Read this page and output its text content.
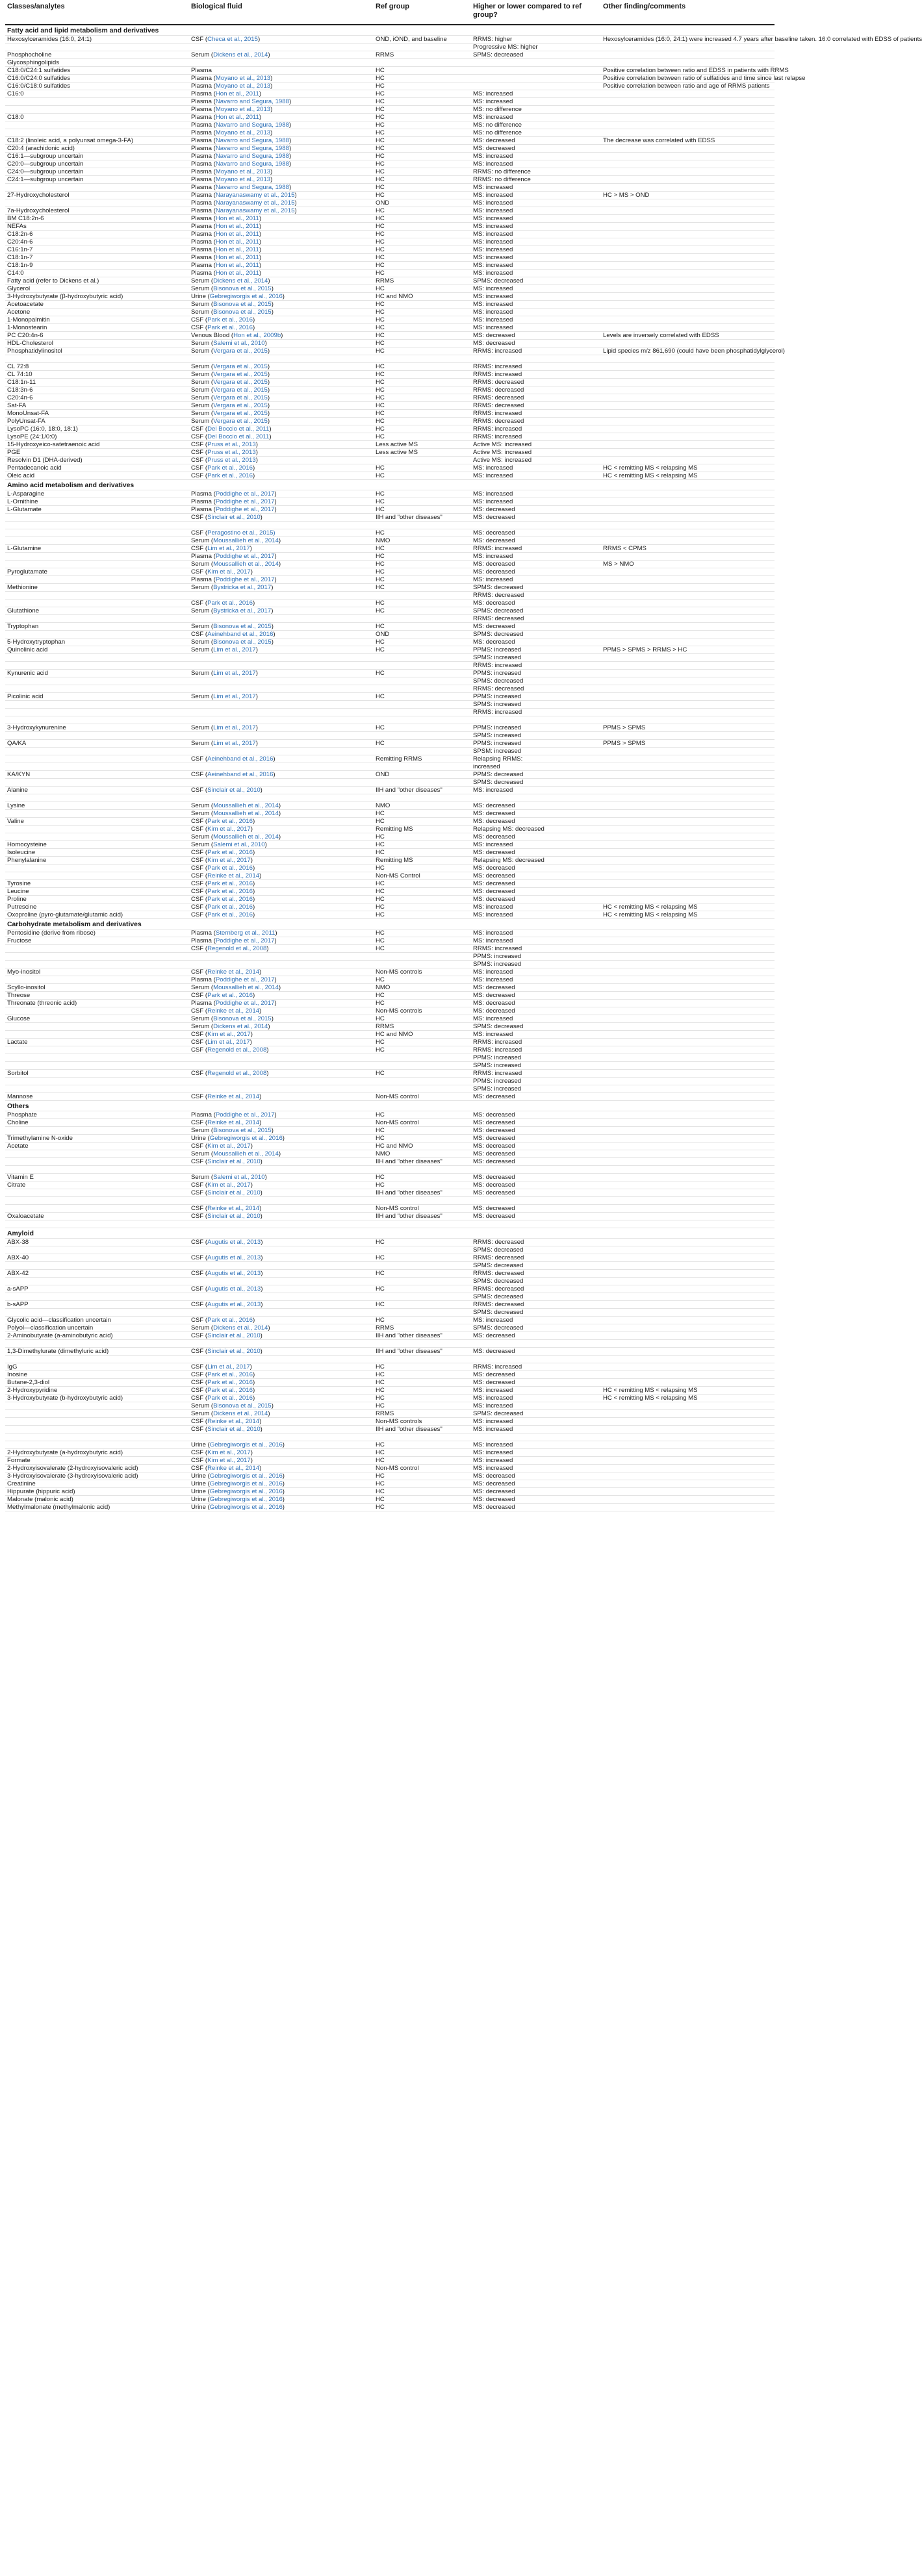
Classes/analytes	Biological fluid	Ref group	Higher or lower compared to ref group?	Other finding/comments
Fatty acid and lipid metabolism and derivatives				
Hexosylceramides (16:0, 24:1)	CSF (Checa et al., 2015)	OND, iOND, and baseline	RRMS: higher	Hexosylceramides (16:0, 24:1) were increased 4.7 years after baseline taken. 16:0 correlated with EDSS of patients
			Progressive MS: higher	
Phosphocholine	Serum (Dickens et al., 2014)	RRMS	SPMS: decreased	
Glycosphingolipids				
C18:0/C24:1 sulfatides	Plasma	HC		Positive correlation between ratio and EDSS in patients with RRMS
C16:0/C24:0 sulfatides	Plasma (Moyano et al., 2013)	HC		Positive correlation between ratio of sulfatides and time since last relapse
C16:0/C18:0 sulfatides	Plasma (Moyano et al., 2013)	HC		Positive correlation between ratio and age of RRMS patients
C16:0	Plasma (Hon et al., 2011)	HC	MS: increased	
	Plasma (Navarro and Segura, 1988)	HC	MS: increased	
	Plasma (Moyano et al., 2013)	HC	MS: no difference	
C18:0	Plasma (Hon et al., 2011)	HC	MS: increased	
	Plasma (Navarro and Segura, 1988)	HC	MS: no difference	
	Plasma (Moyano et al., 2013)	HC	MS: no difference	
C18:2 (linoleic acid, a polyunsat omega-3-FA)	Plasma (Navarro and Segura, 1988)	HC	MS: decreased	The decrease was correlated with EDSS
C20:4 (arachidonic acid)	Plasma (Navarro and Segura, 1988)	HC	MS: decreased	
C16:1—subgroup uncertain	Plasma (Navarro and Segura, 1988)	HC	MS: increased	
C20:0—subgroup uncertain	Plasma (Navarro and Segura, 1988)	HC	MS: increased	
C24:0—subgroup uncertain	Plasma (Moyano et al., 2013)	HC	RRMS: no difference	
C24:1—subgroup uncertain	Plasma (Moyano et al., 2013)	HC	RRMS: no difference	
	Plasma (Navarro and Segura, 1988)	HC	MS: increased	
27-Hydroxycholesterol	Plasma (Narayanaswamy et al., 2015)	HC	MS: increased	HC > MS > OND
	Plasma (Narayanaswamy et al., 2015)	OND	MS: increased	
7a-Hydroxycholesterol	Plasma (Narayanaswamy et al., 2015)	HC	MS: increased	
BM C18:2n-6	Plasma (Hon et al., 2011)	HC	MS: increased	
NEFAs	Plasma (Hon et al., 2011)	HC	MS: increased	
C18:2n-6	Plasma (Hon et al., 2011)	HC	MS: increased	
C20:4n-6	Plasma (Hon et al., 2011)	HC	MS: increased	
C16:1n-7	Plasma (Hon et al., 2011)	HC	MS: increased	
C18:1n-7	Plasma (Hon et al., 2011)	HC	MS: increased	
C18:1n-9	Plasma (Hon et al., 2011)	HC	MS: increased	
C14:0	Plasma (Hon et al., 2011)	HC	MS: increased	
Fatty acid (refer to Dickens et al.)	Serum (Dickens et al., 2014)	RRMS	SPMS: decreased	
Glycerol	Serum (Bisonova et al., 2015)	HC	MS: increased	
3-Hydroxybutyrate (β-hydroxybutyric acid)	Urine (Gebregiworgis et al., 2016)	HC and NMO	MS: increased	
Acetoacetate	Serum (Bisonova et al., 2015)	HC	MS: increased	
Acetone	Serum (Bisonova et al., 2015)	HC	MS: increased	
1-Monopalmitin	CSF (Park et al., 2016)	HC	MS: increased	
1-Monostearin	CSF (Park et al., 2016)	HC	MS: increased	
PC C20:4n-6	Venous Blood (Hon et al., 2009b)	HC	MS: decreased	Levels are inversely correlated with EDSS
HDL-Cholesterol	Serum (Salemi et al., 2010)	HC	MS: decreased	
Phosphatidylinositol	Serum (Vergara et al., 2015)	HC	RRMS: increased	Lipid species m/z 861,690 (could have been phosphatidylglycerol)

CL 72:8	Serum (Vergara et al., 2015)	HC	RRMS: increased	
CL 74:10	Serum (Vergara et al., 2015)	HC	RRMS: increased	
C18:1n-11	Serum (Vergara et al., 2015)	HC	RRMS: decreased	
C18:3n-6	Serum (Vergara et al., 2015)	HC	RRMS: decreased	
C20:4n-6	Serum (Vergara et al., 2015)	HC	RRMS: decreased	
Sat-FA	Serum (Vergara et al., 2015)	HC	RRMS: decreased	
MonoUnsat-FA	Serum (Vergara et al., 2015)	HC	RRMS: increased	
PolyUnsat-FA	Serum (Vergara et al., 2015)	HC	RRMS: decreased	
LysoPC (16:0, 18:0, 18:1)	CSF (Del Boccio et al., 2011)	HC	RRMS: increased	
LysoPE (24:1/0:0)	CSF (Del Boccio et al., 2011)	HC	RRMS: increased	
15-Hydroxyeico-satetraenoic acid	CSF (Pruss et al., 2013)	Less active MS	Active MS: increased	
PGE	CSF (Pruss et al., 2013)	Less active MS	Active MS: increased	
Resolvin D1 (DHA-derived)	CSF (Pruss et al., 2013)		Active MS: increased	
Pentadecanoic acid	CSF (Park et al., 2016)	HC	MS: increased	HC < remitting MS < relapsing MS
Oleic acid	CSF (Park et al., 2016)	HC	MS: increased	HC < remitting MS < relapsing MS
Amino acid metabolism and derivatives				
L-Asparagine	Plasma (Poddighe et al., 2017)	HC	MS: increased	
L-Ornithine	Plasma (Poddighe et al., 2017)	HC	MS: increased	
L-Glutamate	Plasma (Poddighe et al., 2017)	HC	MS: decreased	
	CSF (Sinclair et al., 2010)	IIH and "other diseases"	MS: decreased	

	CSF (Peragostino et al., 2015)	HC	MS: decreased	
	Serum (Moussallieh et al., 2014)	NMO	MS: decreased	
L-Glutamine	CSF (Lim et al., 2017)	HC	RRMS: increased	RRMS < CPMS
	Plasma (Poddighe et al., 2017)	HC	MS: increased	
	Serum (Moussallieh et al., 2014)	HC	MS: decreased	MS > NMO
Pyroglutamate	CSF (Kim et al., 2017)	HC	MS: decreased	
	Plasma (Poddighe et al., 2017)	HC	MS: increased	
Methionine	Serum (Bystricka et al., 2017)	HC	SPMS: decreased	
			RRMS: decreased	
	CSF (Park et al., 2016)	HC	MS: decreased	
Glutathione	Serum (Bystricka et al., 2017)	HC	SPMS: decreased	
			RRMS: decreased	
Tryptophan	Serum (Bisonova et al., 2015)	HC	MS: decreased	
	CSF (Aeinehband et al., 2016)	OND	SPMS: decreased	
5-Hydroxytryptophan	Serum (Bisonova et al., 2015)	HC	MS: decreased	
Quinolinic acid	Serum (Lim et al., 2017)	HC	PPMS: increased	PPMS > SPMS > RRMS > HC
			SPMS: increased	
			RRMS: increased	
Kynurenic acid	Serum (Lim et al., 2017)	HC	PPMS: increased	
			SPMS: decreased	
			RRMS: decreased	
Picolinic acid	Serum (Lim et al., 2017)	HC	PPMS: increased	
			SPMS: increased	
			RRMS: increased	

3-Hydroxykynurenine	Serum (Lim et al., 2017)	HC	PPMS: increased	PPMS > SPMS
			SPMS: increased	
QA/KA	Serum (Lim et al., 2017)	HC	PPMS: increased	PPMS > SPMS
			SPSM: increased	
	CSF (Aeinehband et al., 2016)	Remitting RRMS	Relapsing RRMS:	
			increased	
KA/KYN	CSF (Aeinehband et al., 2016)	OND	PPMS: decreased	
			SPMS: decreased	
Alanine	CSF (Sinclair et al., 2010)	IIH and "other diseases"	MS: increased	

Lysine	Serum (Moussallieh et al., 2014)	NMO	MS: decreased	
	Serum (Moussallieh et al., 2014)	HC	MS: decreased	
Valine	CSF (Park et al., 2016)	HC	MS: decreased	
	CSF (Kim et al., 2017)	Remitting MS	Relapsing MS: decreased	
	Serum (Moussallieh et al., 2014)	HC	MS: decreased	
Homocysteine	Serum (Salemi et al., 2010)	HC	MS: increased	
Isoleucine	CSF (Park et al., 2016)	HC	MS: decreased	
Phenylalanine	CSF (Kim et al., 2017)	Remitting MS	Relapsing MS: decreased	
	CSF (Park et al., 2016)	HC	MS: decreased	
	CSF (Reinke et al., 2014)	Non-MS Control	MS: decreased	
Tyrosine	CSF (Park et al., 2016)	HC	MS: decreased	
Leucine	CSF (Park et al., 2016)	HC	MS: decreased	
Proline	CSF (Park et al., 2016)	HC	MS: decreased	
Putrescine	CSF (Park et al., 2016)	HC	MS: increased	HC < remitting MS < relapsing MS
Oxoproline (pyro-glutamate/glutamic acid)	CSF (Park et al., 2016)	HC	MS: increased	HC < remitting MS < relapsing MS
Carbohydrate metabolism and derivatives				
Pentosidine (derive from ribose)	Plasma (Sternberg et al., 2011)	HC	MS: increased	
Fructose	Plasma (Poddighe et al., 2017)	HC	MS: increased	
	CSF (Regenold et al., 2008)	HC	RRMS: increased	
			PPMS: increased	
			SPMS: increased	
Myo-inositol	CSF (Reinke et al., 2014)	Non-MS controls	MS: increased	
	Plasma (Poddighe et al., 2017)	HC	MS: increased	
Scyllo-inositol	Serum (Moussallieh et al., 2014)	NMO	MS: decreased	
Threose	CSF (Park et al., 2016)	HC	MS: decreased	
Threonate (threonic acid)	Plasma (Poddighe et al., 2017)	HC	MS: decreased	
	CSF (Reinke et al., 2014)	Non-MS controls	MS: decreased	
Glucose	Serum (Bisonova et al., 2015)	HC	MS: increased	
	Serum (Dickens et al., 2014)	RRMS	SPMS: decreased	
	CSF (Kim et al., 2017)	HC and NMO	MS: increased	
Lactate	CSF (Lim et al., 2017)	HC	RRMS: increased	
	CSF (Regenold et al., 2008)	HC	RRMS: increased	
			PPMS: increased	
			SPMS: increased	
Sorbitol	CSF (Regenold et al., 2008)	HC	RRMS: increased	
			PPMS: increased	
			SPMS: increased	
Mannose	CSF (Reinke et al., 2014)	Non-MS control	MS: decreased	
Others				
Phosphate	Plasma (Poddighe et al., 2017)	HC	MS: decreased	
Choline	CSF (Reinke et al., 2014)	Non-MS control	MS: decreased	
	Serum (Bisonova et al., 2015)	HC	MS: decreased	
Trimethylamine N-oxide	Urine (Gebregiworgis et al., 2016)	HC	MS: decreased	
Acetate	CSF (Kim et al., 2017)	HC and NMO	MS: decreased	
	Serum (Moussallieh et al., 2014)	NMO	MS: decreased	
	CSF (Sinclair et al., 2010)	IIH and "other diseases"	MS: decreased	

Vitamin E	Serum (Salemi et al., 2010)	HC	MS: decreased	
Citrate	CSF (Kim et al., 2017)	HC	MS: decreased	
	CSF (Sinclair et al., 2010)	IIH and "other diseases"	MS: decreased	

	CSF (Reinke et al., 2014)	Non-MS control	MS: decreased	
Oxaloacetate	CSF (Sinclair et al., 2010)	IIH and "other diseases"	MS: decreased	

Amyloid				
ABX-38	CSF (Augutis et al., 2013)	HC	RRMS: decreased	
			SPMS: decreased	
ABX-40	CSF (Augutis et al., 2013)	HC	RRMS: decreased	
			SPMS: decreased	
ABX-42	CSF (Augutis et al., 2013)	HC	RRMS: decreased	
			SPMS: decreased	
a-sAPP	CSF (Augutis et al., 2013)	HC	RRMS: decreased	
			SPMS: decreased	
b-sAPP	CSF (Augutis et al., 2013)	HC	RRMS: decreased	
			SPMS: decreased	
Glycolic acid—classification uncertain	CSF (Park et al., 2016)	HC	MS: increased	
Polyol—classification uncertain	Serum (Dickens et al., 2014)	RRMS	SPMS: decreased	
2-Aminobutyrate (a-aminobutyric acid)	CSF (Sinclair et al., 2010)	IIH and "other diseases"	MS: decreased	

1,3-Dimethylurate (dimethyluric acid)	CSF (Sinclair et al., 2010)	IIH and "other diseases"	MS: decreased	

IgG	CSF (Lim et al., 2017)	HC	RRMS: increased	
Inosine	CSF (Park et al., 2016)	HC	MS: decreased	
Butane-2,3-diol	CSF (Park et al., 2016)	HC	MS: decreased	
2-Hydroxypyridine	CSF (Park et al., 2016)	HC	MS: increased	HC < remitting MS < relapsing MS
3-Hydroxybutyrate (b-hydroxybutyric acid)	CSF (Park et al., 2016)	HC	MS: increased	HC < remitting MS < relapsing MS
	Serum (Bisonova et al., 2015)	HC	MS: increased	
	Serum (Dickens et al., 2014)	RRMS	SPMS: decreased	
	CSF (Reinke et al., 2014)	Non-MS controls	MS: increased	
	CSF (Sinclair et al., 2010)	IIH and "other diseases"	MS: increased	

	Urine (Gebregiworgis et al., 2016)	HC	MS: increased	
2-Hydroxybutyrate (a-hydroxybutyric acid)	CSF (Kim et al., 2017)	HC	MS: increased	
Formate	CSF (Kim et al., 2017)	HC	MS: increased	
2-Hydroxyisovalerate (2-hydroxyisovaleric acid)	CSF (Reinke et al., 2014)	Non-MS control	MS: increased	
3-Hydroxyisovalerate (3-hydroxyisovaleric acid)	Urine (Gebregiworgis et al., 2016)	HC	MS: decreased	
Creatinine	Urine (Gebregiworgis et al., 2016)	HC	MS: decreased	
Hippurate (hippuric acid)	Urine (Gebregiworgis et al., 2016)	HC	MS: decreased	
Malonate (malonic acid)	Urine (Gebregiworgis et al., 2016)	HC	MS: decreased	
Methylmalonate (methylmalonic acid)	Urine (Gebregiworgis et al., 2016)	HC	MS: decreased	
